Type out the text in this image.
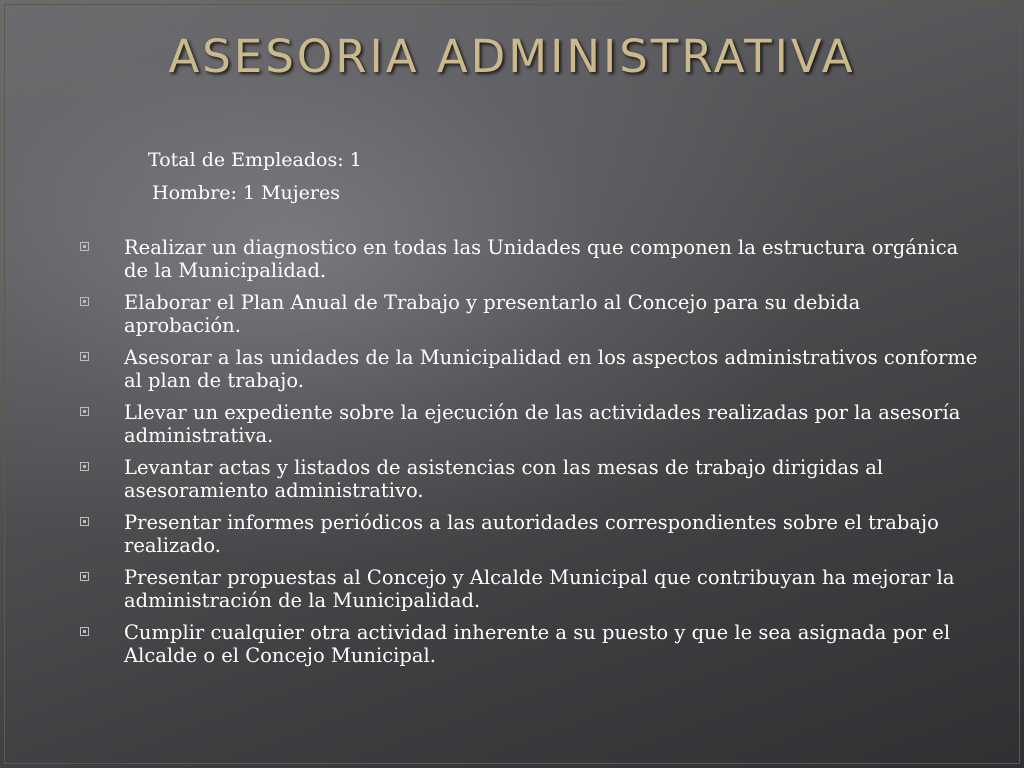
ASESORIA ADMINISTRATIVA
Total de Empleados: 1
Hombre: 1 Mujeres
Realizar un diagnostico en todas las Unidades que componen la estructura orgánica de la Municipalidad.
Elaborar el Plan Anual de Trabajo y presentarlo al Concejo para su debida aprobación.
Asesorar a las unidades de la Municipalidad en los aspectos administrativos conforme al plan de trabajo.
Llevar un expediente sobre la ejecución de las actividades realizadas por la asesoría administrativa.
Levantar actas y listados de asistencias con las mesas de trabajo dirigidas al asesoramiento administrativo.
Presentar informes periódicos a las autoridades correspondientes sobre el trabajo realizado.
Presentar propuestas al Concejo y Alcalde Municipal que contribuyan ha mejorar la administración de la Municipalidad.
Cumplir cualquier otra actividad inherente a su puesto y que le sea asignada por el Alcalde o el Concejo Municipal.
